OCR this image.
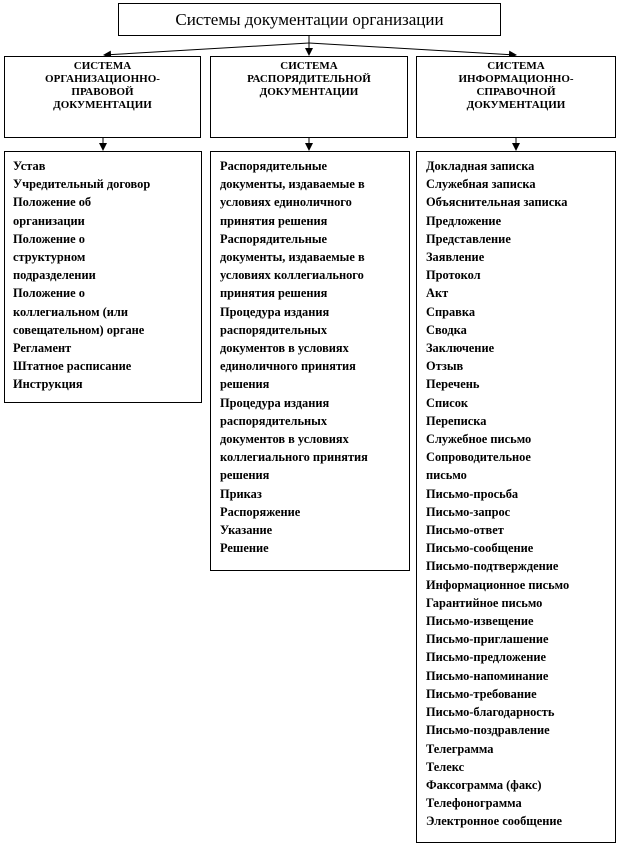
Системы документации организации
СИСТЕМА
ОРГАНИЗАЦИОННО-
ПРАВОВОЙ
ДОКУМЕНТАЦИИ
СИСТЕМА
РАСПОРЯДИТЕЛЬНОЙ
ДОКУМЕНТАЦИИ
СИСТЕМА
ИНФОРМАЦИОННО-
СПРАВОЧНОЙ
ДОКУМЕНТАЦИИ
Устав
Учредительный договор
Положение об
организации
Положение о
структурном
подразделении
Положение о
коллегиальном (или
совещательном) органе
Регламент
Штатное расписание
Инструкция
Распорядительные
документы, издаваемые в
условиях единоличного
принятия решения
Распорядительные
документы, издаваемые в
условиях коллегиального
принятия решения
Процедура издания
распорядительных
документов в условиях
единоличного принятия
решения
Процедура издания
распорядительных
документов в условиях
коллегиального принятия
решения
Приказ
Распоряжение
Указание
Решение
Докладная записка
Служебная записка
Объяснительная записка
Предложение
Представление
Заявление
Протокол
Акт
Справка
Сводка
Заключение
Отзыв
Перечень
Список
Переписка
Служебное письмо
Сопроводительное
письмо
Письмо-просьба
Письмо-запрос
Письмо-ответ
Письмо-сообщение
Письмо-подтверждение
Информационное письмо
Гарантийное письмо
Письмо-извещение
Письмо-приглашение
Письмо-предложение
Письмо-напоминание
Письмо-требование
Письмо-благодарность
Письмо-поздравление
Телеграмма
Телекс
Факсограмма (факс)
Телефонограмма
Электронное сообщение
